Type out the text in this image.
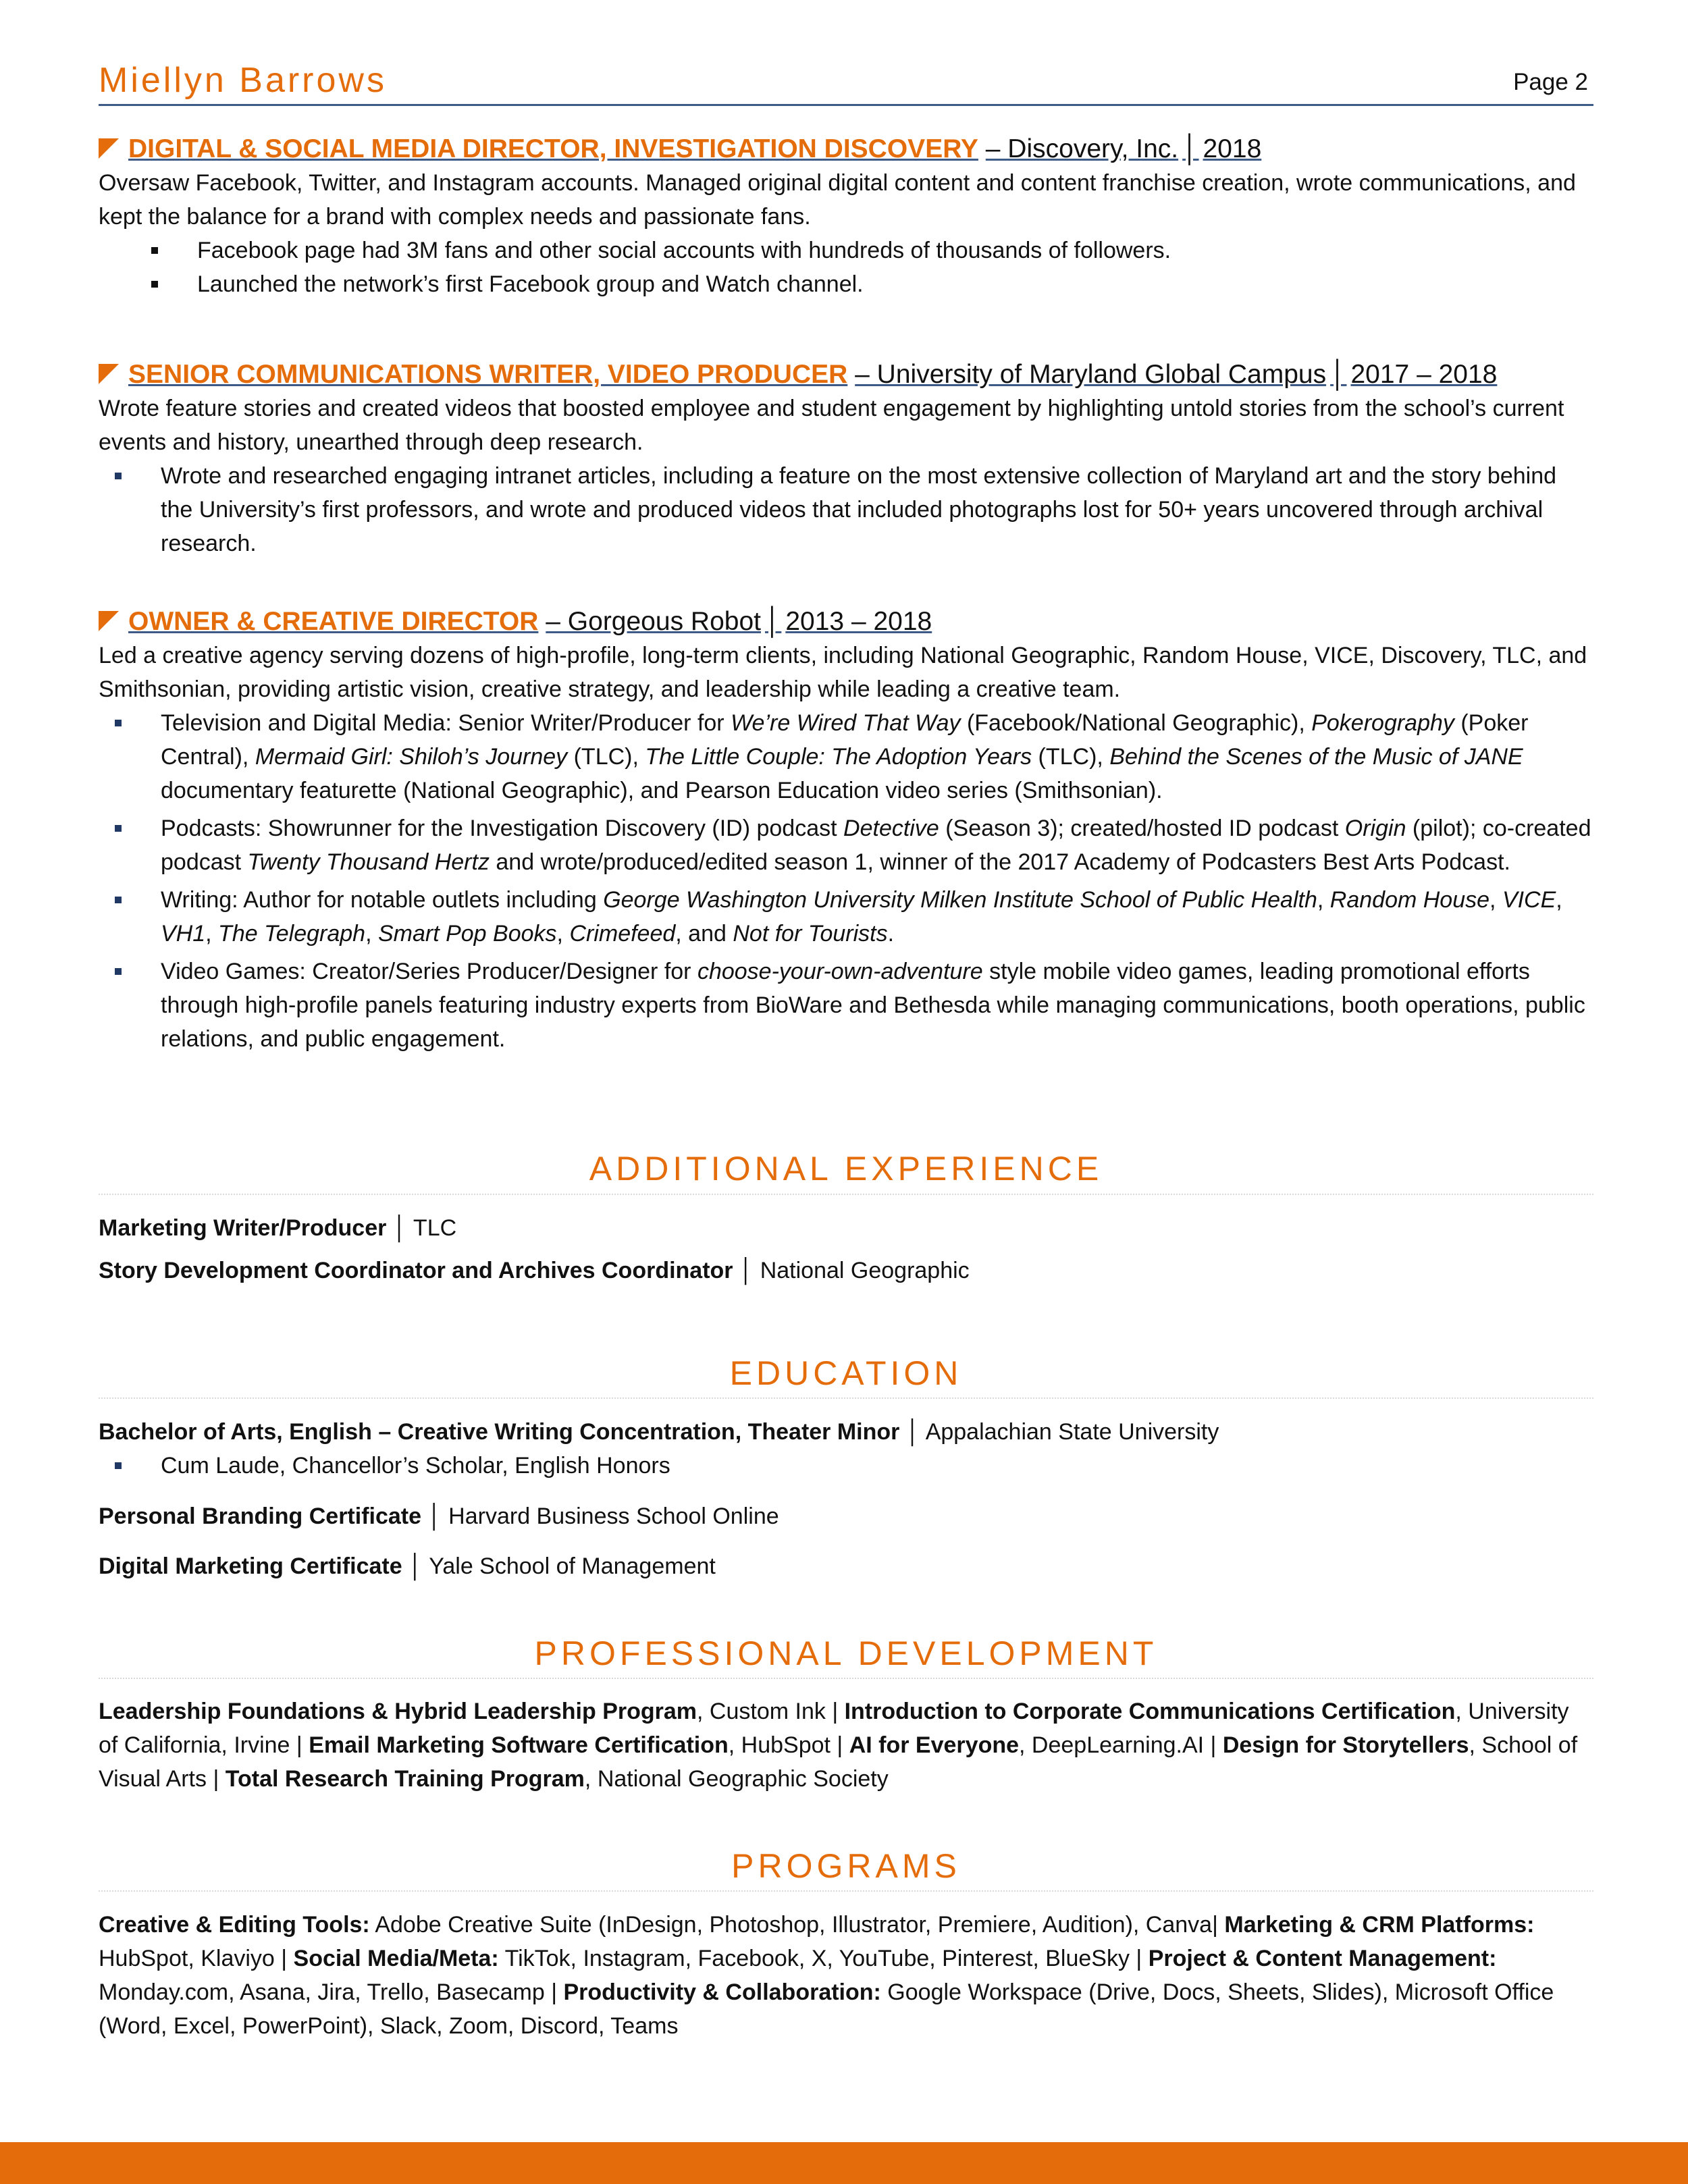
Miellyn Barrows	Page 2
DIGITAL & SOCIAL MEDIA DIRECTOR, INVESTIGATION DISCOVERY – Discovery, Inc. │ 2018

Oversaw Facebook, Twitter, and Instagram accounts. Managed original digital content and content franchise creation, wrote communications, and kept the balance for a brand with complex needs and passionate fans.

Facebook page had 3M fans and other social accounts with hundreds of thousands of followers.
Launched the network’s first Facebook group and Watch channel.
SENIOR COMMUNICATIONS WRITER, VIDEO PRODUCER – University of Maryland Global Campus │ 2017 – 2018

Wrote feature stories and created videos that boosted employee and student engagement by highlighting untold stories from the school’s current events and history, unearthed through deep research.

Wrote and researched engaging intranet articles, including a feature on the most extensive collection of Maryland art and the story behind the University’s first professors, and wrote and produced videos that included photographs lost for 50+ years uncovered through archival research.
OWNER & CREATIVE DIRECTOR – Gorgeous Robot │ 2013 – 2018

Led a creative agency serving dozens of high-profile, long-term clients, including National Geographic, Random House, VICE, Discovery, TLC, and Smithsonian, providing artistic vision, creative strategy, and leadership while leading a creative team.

Television and Digital Media: Senior Writer/Producer for We’re Wired That Way (Facebook/National Geographic), Pokerography (Poker Central), Mermaid Girl: Shiloh’s Journey (TLC), The Little Couple: The Adoption Years (TLC), Behind the Scenes of the Music of JANE documentary featurette (National Geographic), and Pearson Education video series (Smithsonian).
Podcasts: Showrunner for the Investigation Discovery (ID) podcast Detective (Season 3); created/hosted ID podcast Origin (pilot); co-created podcast Twenty Thousand Hertz and wrote/produced/edited season 1, winner of the 2017 Academy of Podcasters Best Arts Podcast.
Writing: Author for notable outlets including George Washington University Milken Institute School of Public Health, Random House, VICE, VH1, The Telegraph, Smart Pop Books, Crimefeed, and Not for Tourists.
Video Games: Creator/Series Producer/Designer for choose-your-own-adventure style mobile video games, leading promotional efforts through high-profile panels featuring industry experts from BioWare and Bethesda while managing communications, booth operations, public relations, and public engagement.
ADDITIONAL EXPERIENCE
Marketing Writer/Producer │ TLC
Story Development Coordinator and Archives Coordinator │ National Geographic
EDUCATION
Bachelor of Arts, English – Creative Writing Concentration, Theater Minor │ Appalachian State University
Cum Laude, Chancellor’s Scholar, English Honors
Personal Branding Certificate │ Harvard Business School Online
Digital Marketing Certificate │ Yale School of Management
PROFESSIONAL DEVELOPMENT

Leadership Foundations & Hybrid Leadership Program, Custom Ink | Introduction to Corporate Communications Certification, University of California, Irvine | Email Marketing Software Certification, HubSpot | AI for Everyone, DeepLearning.AI | Design for Storytellers, School of Visual Arts | Total Research Training Program, National Geographic Society

PROGRAMS

Creative & Editing Tools: Adobe Creative Suite (InDesign, Photoshop, Illustrator, Premiere, Audition), Canva| Marketing & CRM Platforms: HubSpot, Klaviyo | Social Media/Meta: TikTok, Instagram, Facebook, X, YouTube, Pinterest, BlueSky | Project & Content Management: Monday.com, Asana, Jira, Trello, Basecamp | Productivity & Collaboration: Google Workspace (Drive, Docs, Sheets, Slides), Microsoft Office (Word, Excel, PowerPoint), Slack, Zoom, Discord, Teams
